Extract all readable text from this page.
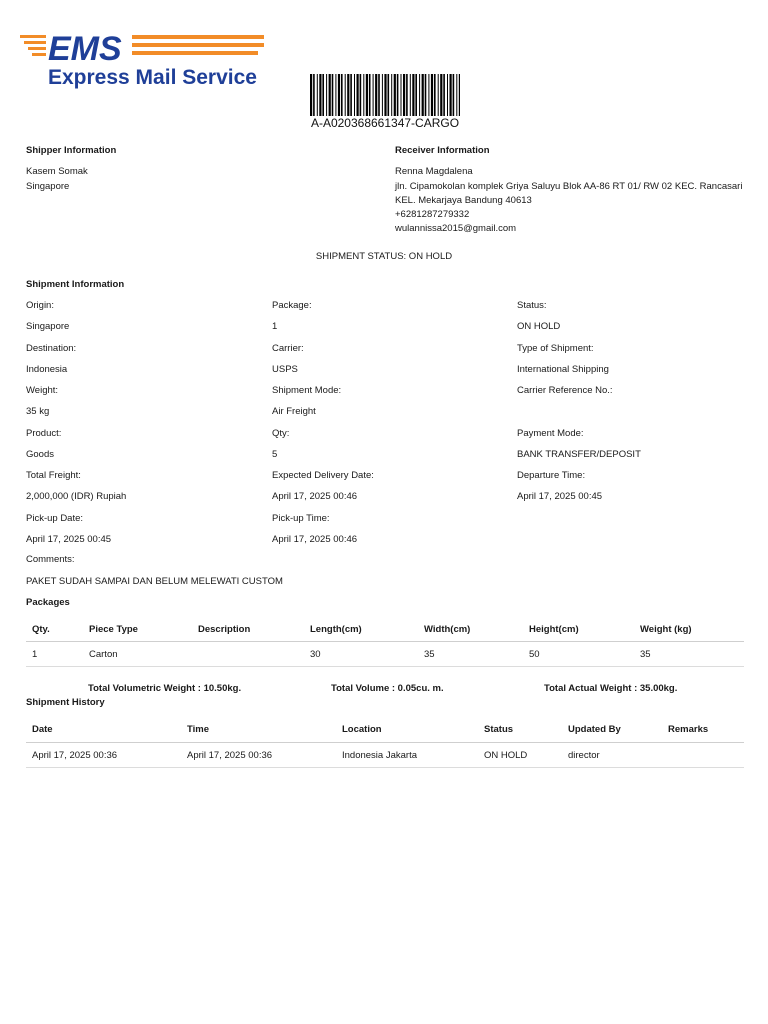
EMS
Express Mail Service
A-A020368661347-CARGO
Shipper Information
Kasem Somak
Singapore
Receiver Information
Renna Magdalena
jln. Cipamokolan komplek Griya Saluyu Blok AA-86 RT 01/ RW 02 KEC. Rancasari
KEL. Mekarjaya Bandung 40613
+6281287279332
wulannissa2015@gmail.com
SHIPMENT STATUS: ON HOLD
Shipment Information
Origin:
Singapore
Destination:
Indonesia
Weight:
35 kg
Product:
Goods
Total Freight:
2,000,000 (IDR) Rupiah
Pick-up Date:
April 17, 2025 00:45
Package:
1
Carrier:
USPS
Shipment Mode:
Air Freight
Qty:
5
Expected Delivery Date:
April 17, 2025 00:46
Pick-up Time:
April 17, 2025 00:46
Status:
ON HOLD
Type of Shipment:
International Shipping
Carrier Reference No.:
Payment Mode:
BANK TRANSFER/DEPOSIT
Departure Time:
April 17, 2025 00:45
Comments:
PAKET SUDAH SAMPAI DAN BELUM MELEWATI CUSTOM
Packages
Qty.	Piece Type	Description	Length(cm)	Width(cm)	Height(cm)	Weight (kg)
1	Carton		30	35	50	35
Total Volumetric Weight : 10.50kg.	Total Volume : 0.05cu. m.	Total Actual Weight : 35.00kg.
Shipment History
Date	Time	Location	Status	Updated By	Remarks
April 17, 2025 00:36	April 17, 2025 00:36	Indonesia Jakarta	ON HOLD	director	
